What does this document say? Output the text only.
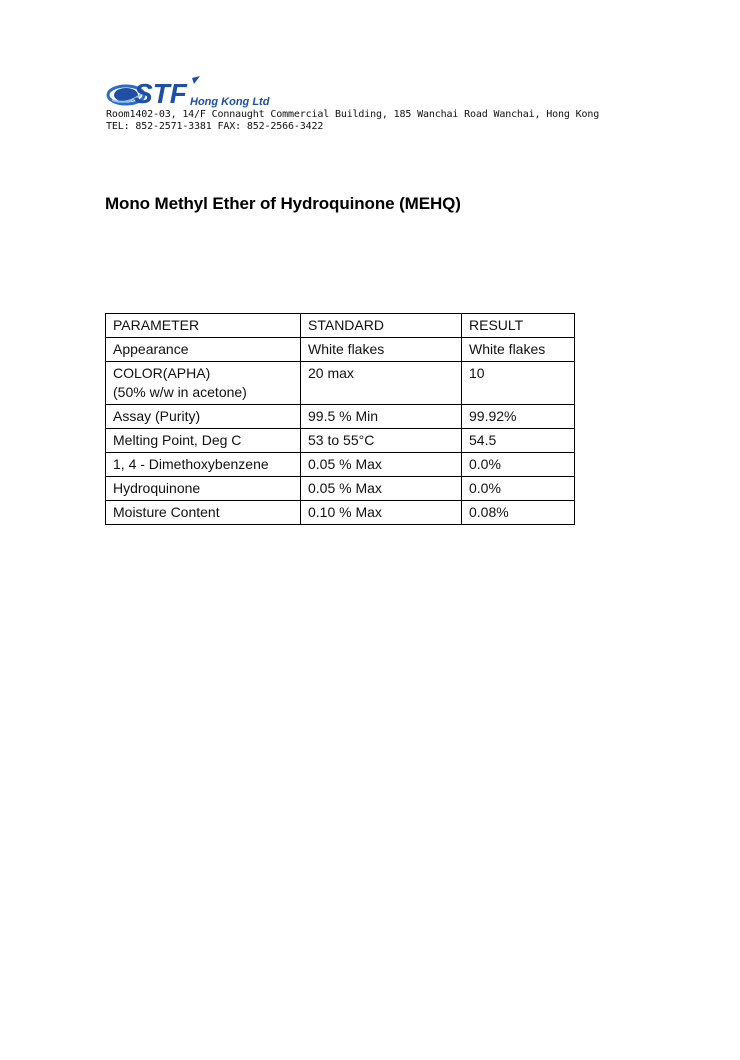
STF Hong Kong Ltd
Room1402-03, 14/F Connaught Commercial Building, 185 Wanchai Road Wanchai, Hong Kong
TEL: 852-2571-3381 FAX: 852-2566-3422
Mono Methyl Ether of Hydroquinone (MEHQ)
PARAMETER	STANDARD	RESULT
Appearance	White flakes	White flakes

COLOR(APHA)
(50% w/w in acetone)	20 max	10
Assay (Purity)	99.5 % Min	99.92%
Melting Point, Deg C	53 to 55°C	54.5
1, 4 - Dimethoxybenzene	0.05 % Max	0.0%
Hydroquinone	0.05 % Max	0.0%
Moisture Content	0.10 % Max	0.08%
